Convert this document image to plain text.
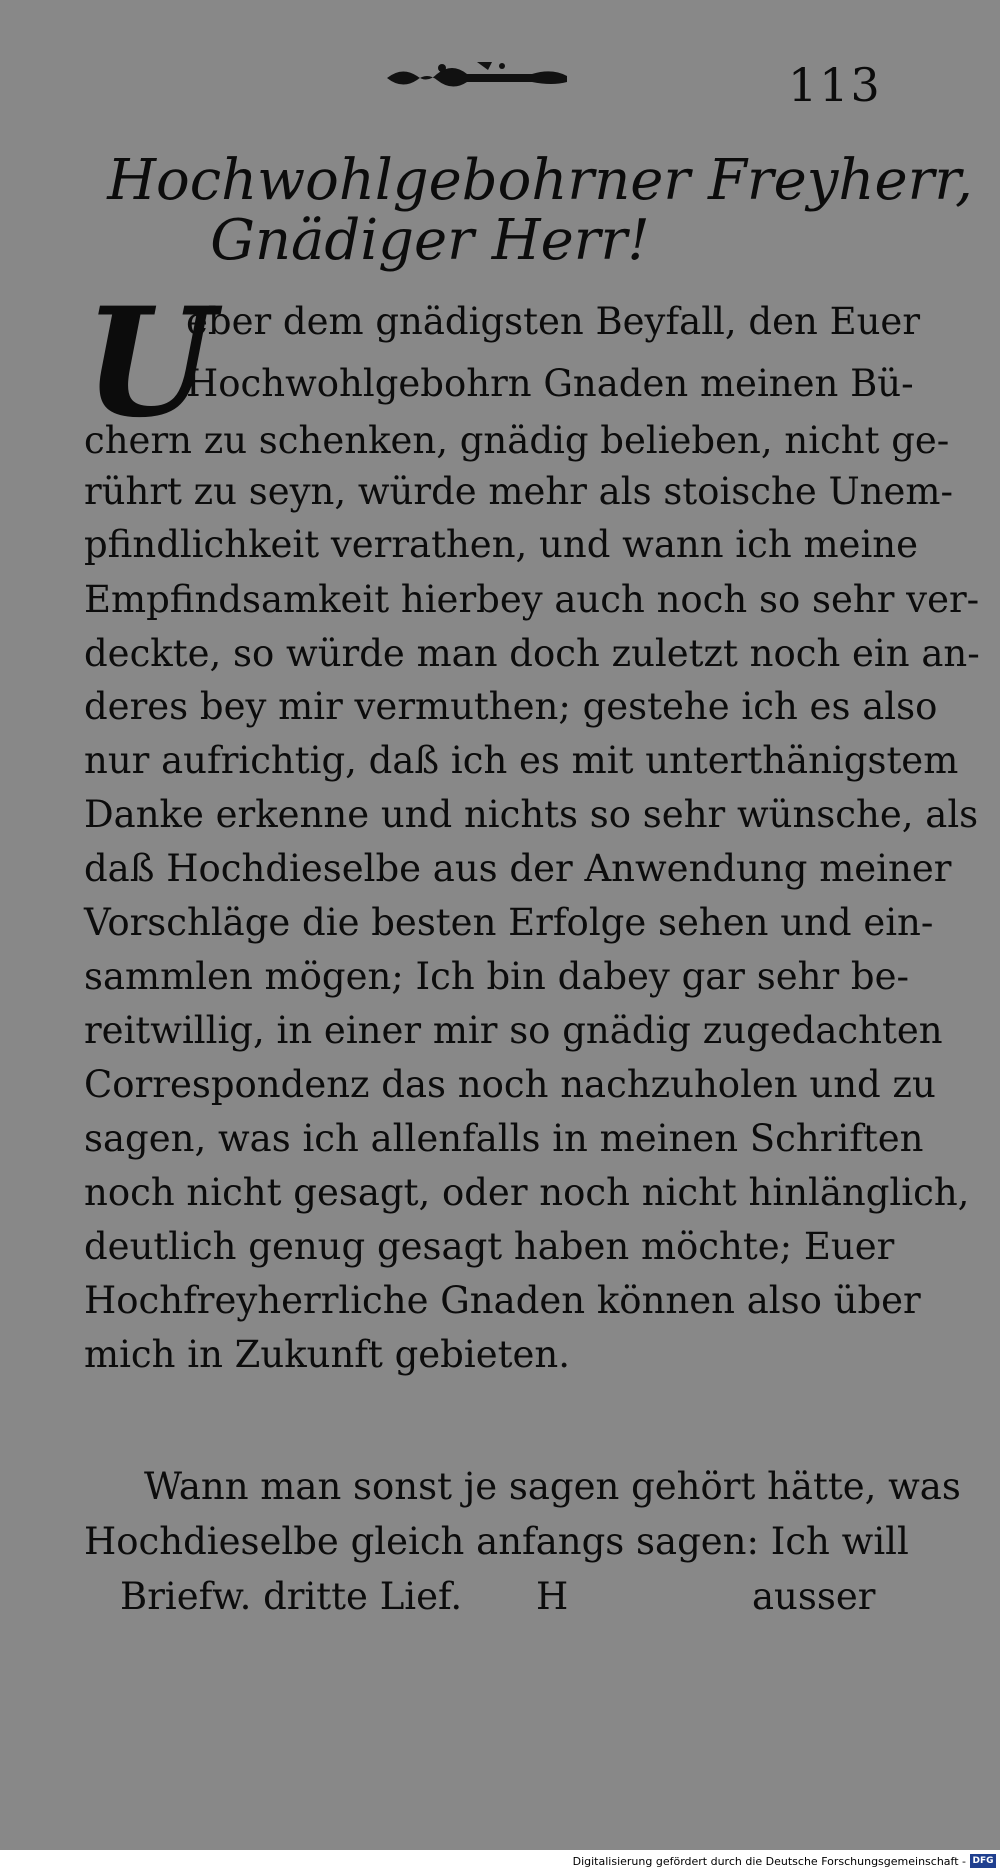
113
Hochwohlgebohrner Freyherr,
Gnädiger Herr!
U
eber dem gnädigsten Beyfall, den Euer
Hochwohlgebohrn Gnaden meinen Bü-
chern zu schenken, gnädig belieben, nicht ge-
rührt zu seyn, würde mehr als stoische Unem-
pfindlichkeit verrathen, und wann ich meine
Empfindsamkeit hierbey auch noch so sehr ver-
deckte, so würde man doch zuletzt noch ein an-
deres bey mir vermuthen; gestehe ich es also
nur aufrichtig, daß ich es mit unterthänigstem
Danke erkenne und nichts so sehr wünsche, als
daß Hochdieselbe aus der Anwendung meiner
Vorschläge die besten Erfolge sehen und ein-
sammlen mögen; Ich bin dabey gar sehr be-
reitwillig, in einer mir so gnädig zugedachten
Correspondenz das noch nachzuholen und zu
sagen, was ich allenfalls in meinen Schriften
noch nicht gesagt, oder noch nicht hinlänglich,
deutlich genug gesagt haben möchte; Euer
Hochfreyherrliche Gnaden können also über
mich in Zukunft gebieten.
Wann man sonst je sagen gehört hätte, was
Hochdieselbe gleich anfangs sagen: Ich will
Briefw. dritte Lief. H	ausser
Digitalisierung gefördert durch die Deutsche Forschungsgemeinschaft - DFG
